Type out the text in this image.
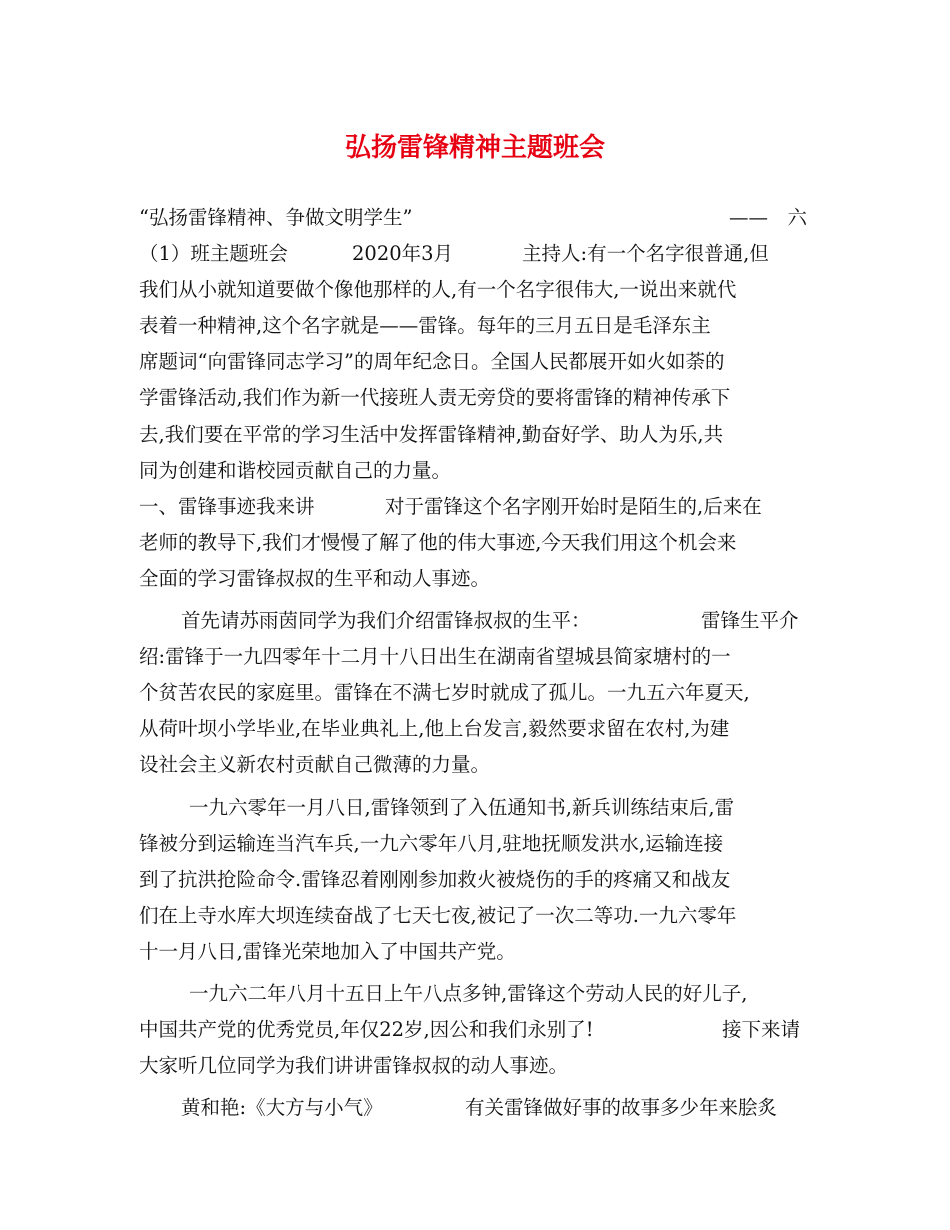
弘扬雷锋精神主题班会
“弘扬雷锋精神、争做文明学生”	——　六
（1）班主题班会	2020年3月	主持人:有一个名字很普通,但
我们从小就知道要做个像他那样的人,有一个名字很伟大,一说出来就代
表着一种精神,这个名字就是——雷锋。每年的三月五日是毛泽东主
席题词“向雷锋同志学习”的周年纪念日。全国人民都展开如火如荼的
学雷锋活动,我们作为新一代接班人责无旁贷的要将雷锋的精神传承下
去,我们要在平常的学习生活中发挥雷锋精神,勤奋好学、助人为乐,共
同为创建和谐校园贡献自己的力量。
一、雷锋事迹我来讲	对于雷锋这个名字刚开始时是陌生的,后来在
老师的教导下,我们才慢慢了解了他的伟大事迹,今天我们用这个机会来
全面的学习雷锋叔叔的生平和动人事迹。
首先请苏雨茵同学为我们介绍雷锋叔叔的生平：	雷锋生平介
绍:雷锋于一九四零年十二月十八日出生在湖南省望城县简家塘村的一
个贫苦农民的家庭里。雷锋在不满七岁时就成了孤儿。一九五六年夏天,
从荷叶坝小学毕业,在毕业典礼上,他上台发言,毅然要求留在农村,为建
设社会主义新农村贡献自己微薄的力量。
一九六零年一月八日,雷锋领到了入伍通知书,新兵训练结束后,雷
锋被分到运输连当汽车兵,一九六零年八月,驻地抚顺发洪水,运输连接
到了抗洪抢险命令.雷锋忍着刚刚参加救火被烧伤的手的疼痛又和战友
们在上寺水库大坝连续奋战了七天七夜,被记了一次二等功.一九六零年
十一月八日,雷锋光荣地加入了中国共产党。
一九六二年八月十五日上午八点多钟,雷锋这个劳动人民的好儿子,
中国共产党的优秀党员,年仅22岁,因公和我们永别了!	接下来请
大家听几位同学为我们讲讲雷锋叔叔的动人事迹。
黄和艳:《大方与小气》	有关雷锋做好事的故事多少年来脍炙
